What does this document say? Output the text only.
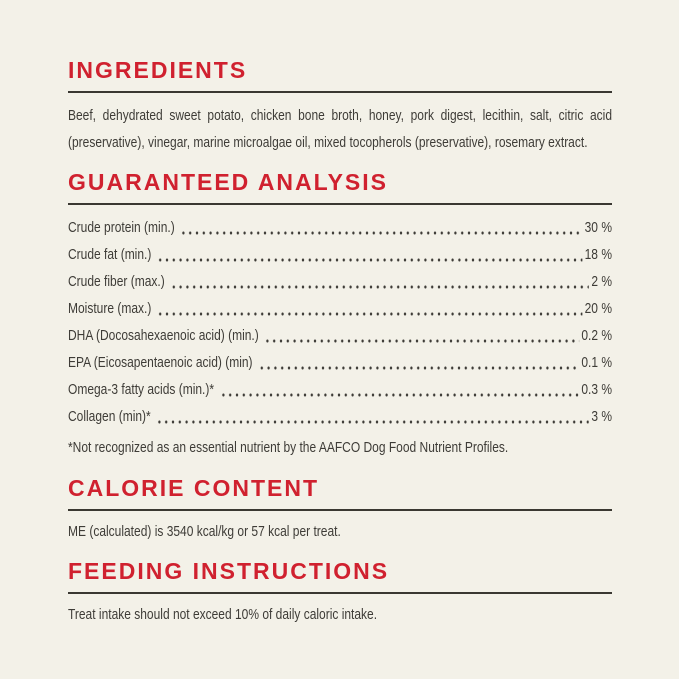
INGREDIENTS

Beef, dehydrated sweet potato, chicken bone broth, honey, pork digest, lecithin, salt, citric acid (preservative), vinegar, marine microalgae oil, mixed tocopherols (preservative), rosemary extract.

GUARANTEED ANALYSIS
Crude protein (min.)	30 %
Crude fat (min.)	18 %
Crude fiber (max.)	2 %
Moisture (max.)	20 %
DHA (Docosahexaenoic acid) (min.)	0.2 %
EPA (Eicosapentaenoic acid) (min)	0.1 %
Omega-3 fatty acids (min.)*	0.3 %
Collagen (min)*	3 %

*Not recognized as an essential nutrient by the AAFCO Dog Food Nutrient Profiles.

CALORIE CONTENT

ME (calculated) is 3540 kcal/kg or 57 kcal per treat.

FEEDING INSTRUCTIONS

Treat intake should not exceed 10% of daily caloric intake.
